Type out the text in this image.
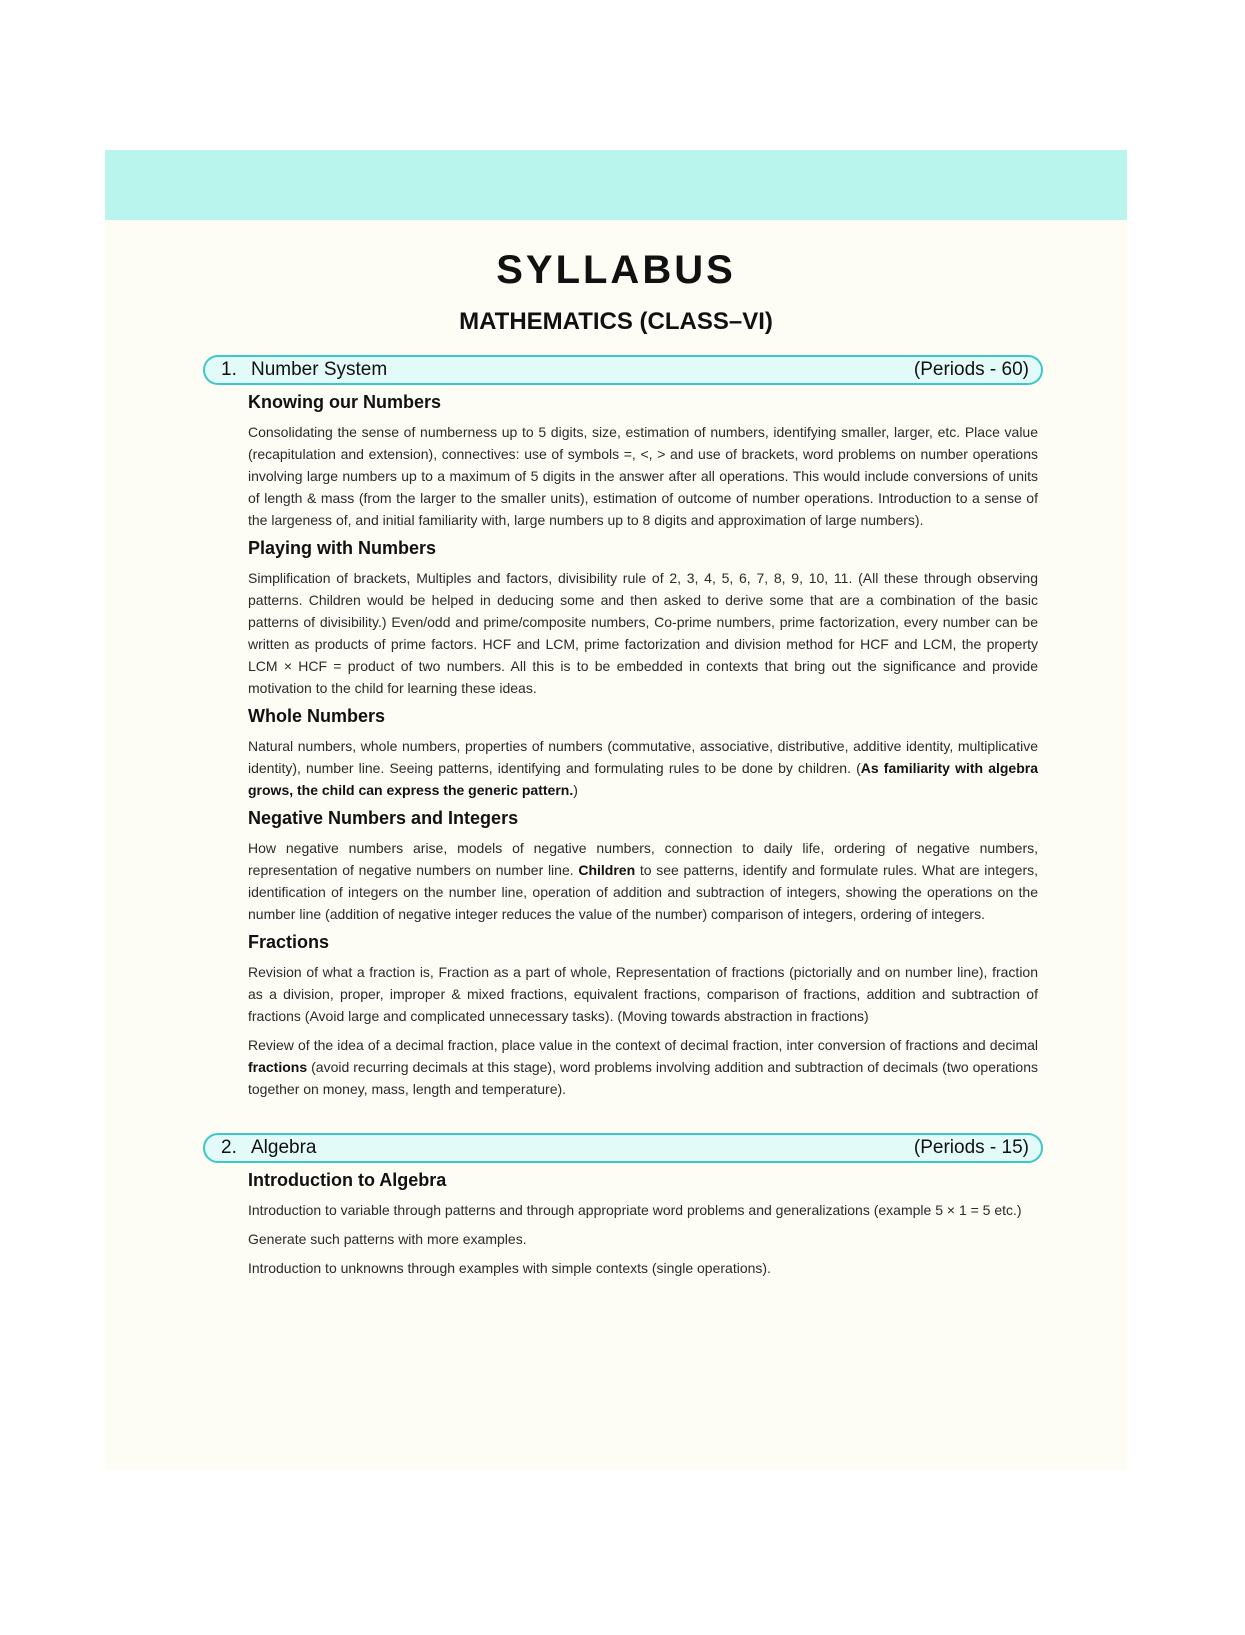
SYLLABUS
MATHEMATICS (CLASS–VI)
1. Number System	(Periods - 60)
Knowing our Numbers

Consolidating the sense of numberness up to 5 digits, size, estimation of numbers, identifying smaller, larger, etc. Place value (recapitulation and extension), connectives: use of symbols =, <, > and use of brackets, word problems on number operations involving large numbers up to a maximum of 5 digits in the answer after all operations. This would include conversions of units of length & mass (from the larger to the smaller units), estimation of outcome of number operations. Introduction to a sense of the largeness of, and initial familiarity with, large numbers up to 8 digits and approximation of large numbers).

Playing with Numbers

Simplification of brackets, Multiples and factors, divisibility rule of 2, 3, 4, 5, 6, 7, 8, 9, 10, 11. (All these through observing patterns. Children would be helped in deducing some and then asked to derive some that are a combination of the basic patterns of divisibility.) Even/odd and prime/composite numbers, Co-prime numbers, prime factorization, every number can be written as products of prime factors. HCF and LCM, prime factorization and division method for HCF and LCM, the property LCM × HCF = product of two numbers. All this is to be embedded in contexts that bring out the significance and provide motivation to the child for learning these ideas.

Whole Numbers

Natural numbers, whole numbers, properties of numbers (commutative, associative, distributive, additive identity, multiplicative identity), number line. Seeing patterns, identifying and formulating rules to be done by children. (As familiarity with algebra grows, the child can express the generic pattern.)

Negative Numbers and Integers

How negative numbers arise, models of negative numbers, connection to daily life, ordering of negative numbers, representation of negative numbers on number line. Children to see patterns, identify and formulate rules. What are integers, identification of integers on the number line, operation of addition and subtraction of integers, showing the operations on the number line (addition of negative integer reduces the value of the number) comparison of integers, ordering of integers.

Fractions

Revision of what a fraction is, Fraction as a part of whole, Representation of fractions (pictorially and on number line), fraction as a division, proper, improper & mixed fractions, equivalent fractions, comparison of fractions, addition and subtraction of fractions (Avoid large and complicated unnecessary tasks). (Moving towards abstraction in fractions)

Review of the idea of a decimal fraction, place value in the context of decimal fraction, inter conversion of fractions and decimal fractions (avoid recurring decimals at this stage), word problems involving addition and subtraction of decimals (two operations together on money, mass, length and temperature).

2. Algebra	(Periods - 15)
Introduction to Algebra

Introduction to variable through patterns and through appropriate word problems and generalizations (example 5 × 1 = 5 etc.)

Generate such patterns with more examples.

Introduction to unknowns through examples with simple contexts (single operations).
